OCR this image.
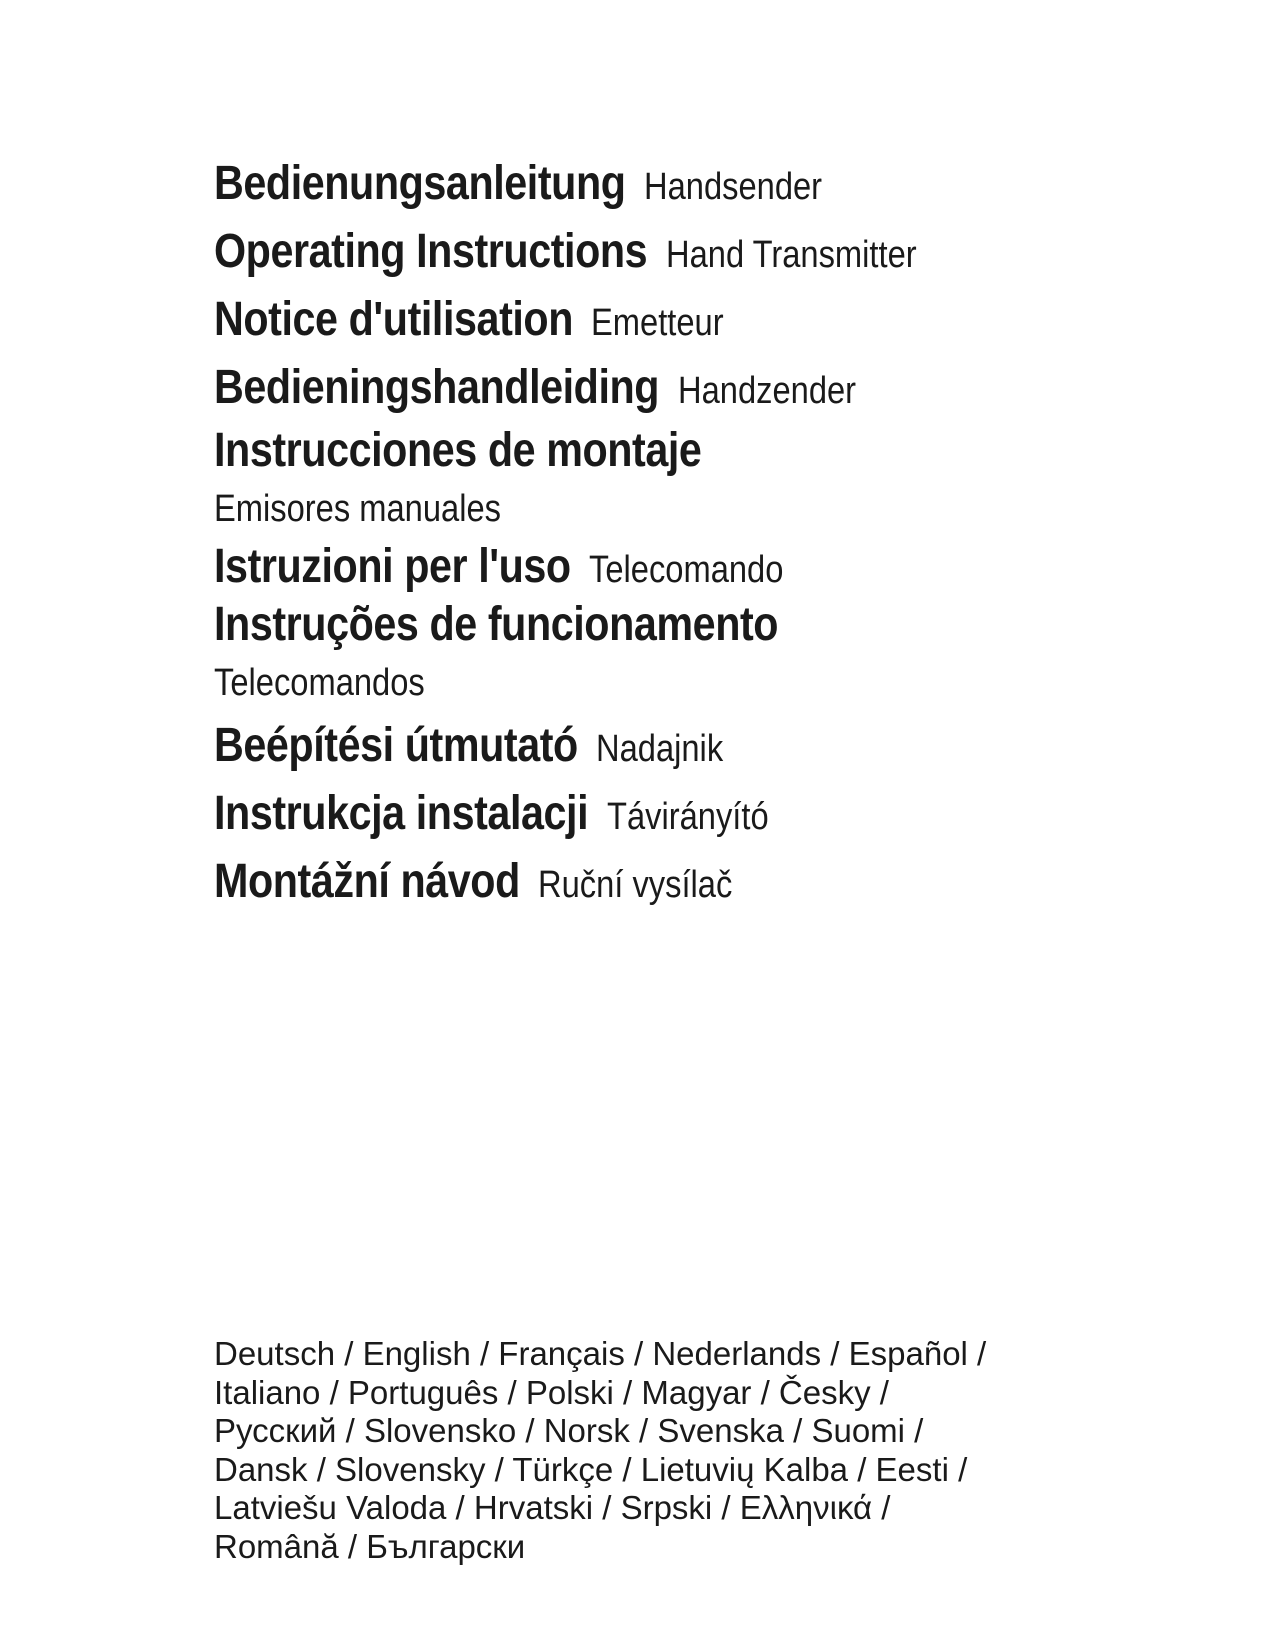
Bedienungsanleitung Handsender
Operating Instructions Hand Transmitter
Notice d'utilisation Emetteur
Bedieningshandleiding Handzender
Instrucciones de montaje
Emisores manuales
Istruzioni per l'uso Telecomando
Instruções de funcionamento
Telecomandos
Beépítési útmutató Nadajnik
Instrukcja instalacji Távirányító
Montážní návod Ruční vysílač
Deutsch / English / Français / Nederlands / Español /
Italiano / Português / Polski / Magyar / Česky /
Русский / Slovensko / Norsk / Svenska / Suomi /
Dansk / Slovensky / Türkçe / Lietuvių Kalba / Eesti /
Latviešu Valoda / Hrvatski / Srpski / Ελληνικά /
Română / Български
